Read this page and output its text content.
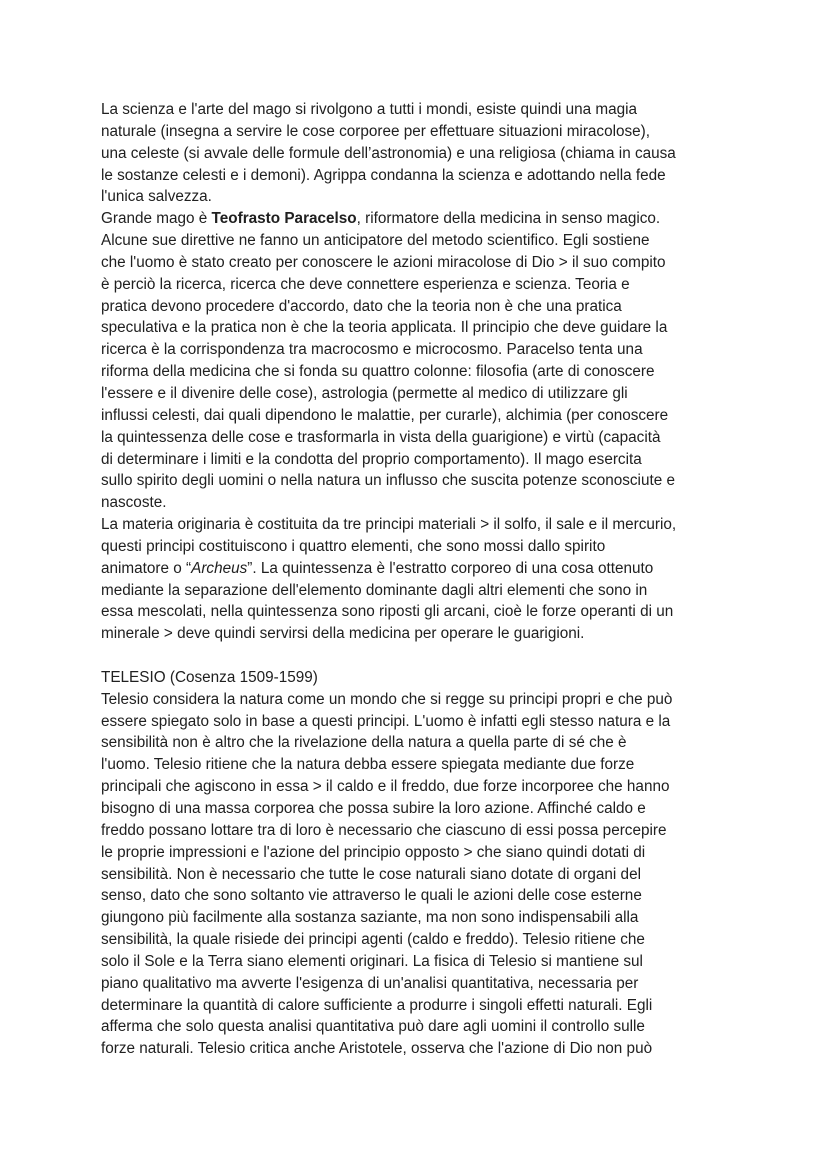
La scienza e l'arte del mago si rivolgono a tutti i mondi, esiste quindi una magia
naturale (insegna a servire le cose corporee per effettuare situazioni miracolose),
una celeste (si avvale delle formule dell’astronomia) e una religiosa (chiama in causa
le sostanze celesti e i demoni). Agrippa condanna la scienza e adottando nella fede
l'unica salvezza.
Grande mago è Teofrasto Paracelso, riformatore della medicina in senso magico.
Alcune sue direttive ne fanno un anticipatore del metodo scientifico. Egli sostiene
che l'uomo è stato creato per conoscere le azioni miracolose di Dio > il suo compito
è perciò la ricerca, ricerca che deve connettere esperienza e scienza. Teoria e
pratica devono procedere d'accordo, dato che la teoria non è che una pratica
speculativa e la pratica non è che la teoria applicata. Il principio che deve guidare la
ricerca è la corrispondenza tra macrocosmo e microcosmo. Paracelso tenta una
riforma della medicina che si fonda su quattro colonne: filosofia (arte di conoscere
l'essere e il divenire delle cose), astrologia (permette al medico di utilizzare gli
influssi celesti, dai quali dipendono le malattie, per curarle), alchimia (per conoscere
la quintessenza delle cose e trasformarla in vista della guarigione) e virtù (capacità
di determinare i limiti e la condotta del proprio comportamento). Il mago esercita
sullo spirito degli uomini o nella natura un influsso che suscita potenze sconosciute e
nascoste.
La materia originaria è costituita da tre principi materiali > il solfo, il sale e il mercurio,
questi principi costituiscono i quattro elementi, che sono mossi dallo spirito
animatore o “Archeus”. La quintessenza è l'estratto corporeo di una cosa ottenuto
mediante la separazione dell'elemento dominante dagli altri elementi che sono in
essa mescolati, nella quintessenza sono riposti gli arcani, cioè le forze operanti di un
minerale > deve quindi servirsi della medicina per operare le guarigioni.
TELESIO (Cosenza 1509-1599)
Telesio considera la natura come un mondo che si regge su principi propri e che può
essere spiegato solo in base a questi principi. L'uomo è infatti egli stesso natura e la
sensibilità non è altro che la rivelazione della natura a quella parte di sé che è
l'uomo. Telesio ritiene che la natura debba essere spiegata mediante due forze
principali che agiscono in essa > il caldo e il freddo, due forze incorporee che hanno
bisogno di una massa corporea che possa subire la loro azione. Affinché caldo e
freddo possano lottare tra di loro è necessario che ciascuno di essi possa percepire
le proprie impressioni e l'azione del principio opposto > che siano quindi dotati di
sensibilità. Non è necessario che tutte le cose naturali siano dotate di organi del
senso, dato che sono soltanto vie attraverso le quali le azioni delle cose esterne
giungono più facilmente alla sostanza saziante, ma non sono indispensabili alla
sensibilità, la quale risiede dei principi agenti (caldo e freddo). Telesio ritiene che
solo il Sole e la Terra siano elementi originari. La fisica di Telesio si mantiene sul
piano qualitativo ma avverte l'esigenza di un'analisi quantitativa, necessaria per
determinare la quantità di calore sufficiente a produrre i singoli effetti naturali. Egli
afferma che solo questa analisi quantitativa può dare agli uomini il controllo sulle
forze naturali. Telesio critica anche Aristotele, osserva che l'azione di Dio non può
